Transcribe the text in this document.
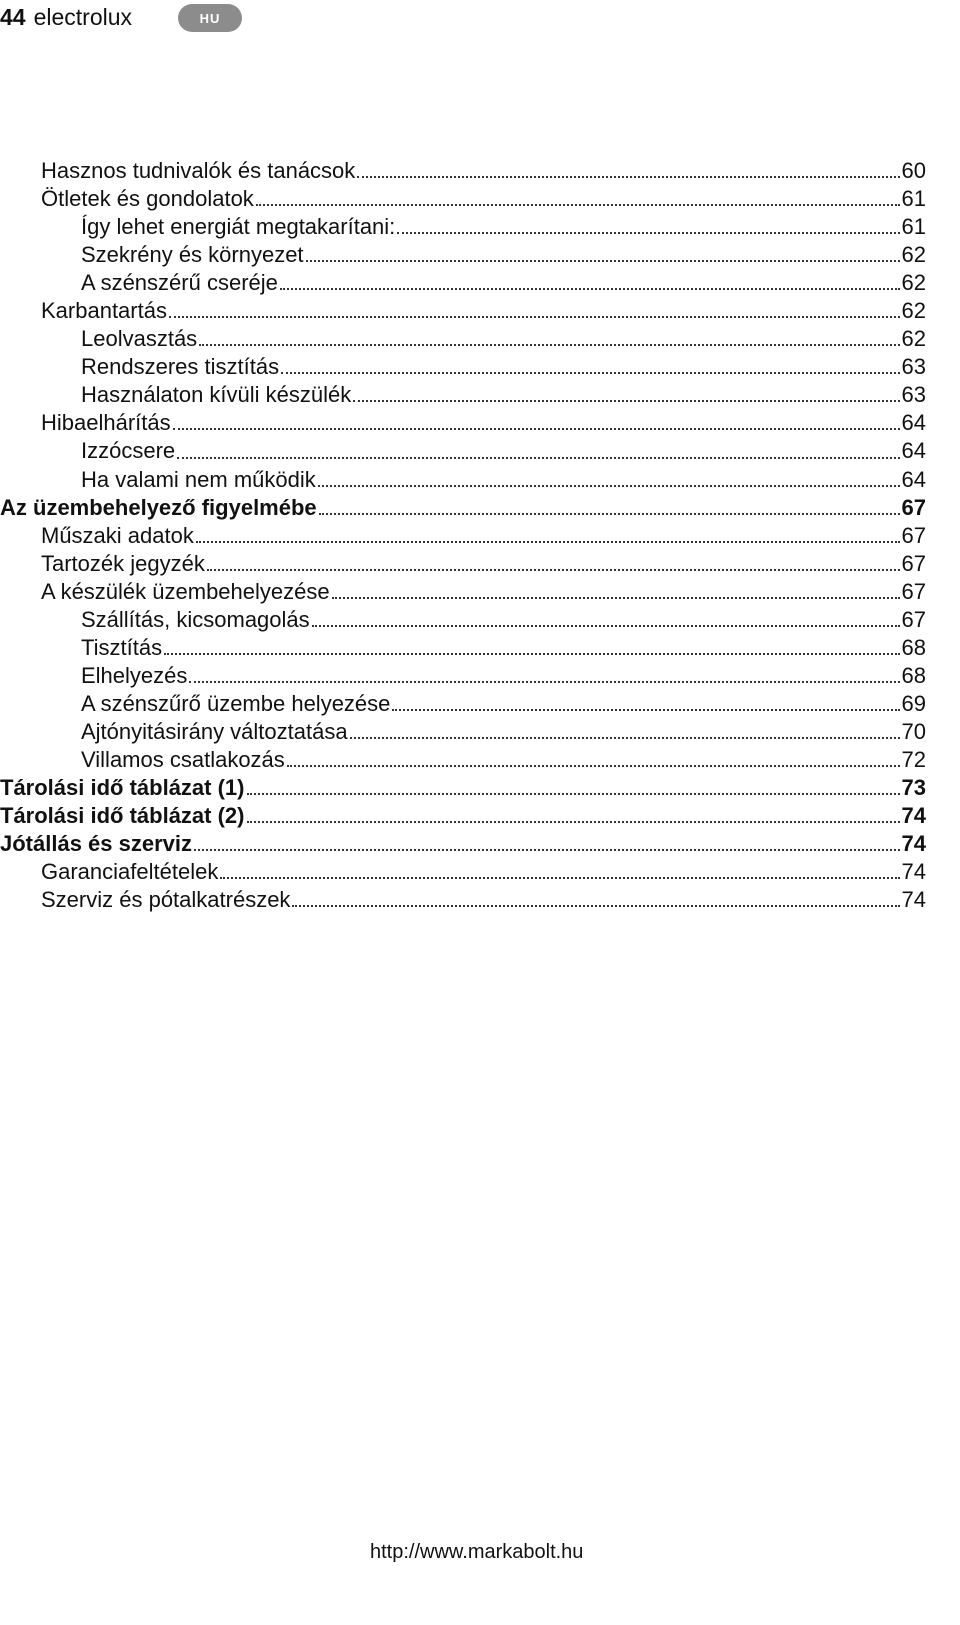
44 electrolux	HU
Hasznos tudnivalók és tanácsok	60
Ötletek és gondolatok	61
Így lehet energiát megtakarítani:	61
Szekrény és környezet	62
A szénszérű cseréje	62
Karbantartás	62
Leolvasztás	62
Rendszeres tisztítás	63
Használaton kívüli készülék	63
Hibaelhárítás	64
Izzócsere	64
Ha valami nem működik	64
Az üzembehelyező figyelmébe	67
Műszaki adatok	67
Tartozék jegyzék	67
A készülék üzembehelyezése	67
Szállítás, kicsomagolás	67
Tisztítás	68
Elhelyezés	68
A szénszűrő üzembe helyezése	69
Ajtónyitásirány változtatása	70
Villamos csatlakozás	72
Tárolási idő táblázat (1)	73
Tárolási idő táblázat (2)	74
Jótállás és szerviz	74
Garanciafeltételek	74
Szerviz és pótalkatrészek	74
http://www.markabolt.hu
